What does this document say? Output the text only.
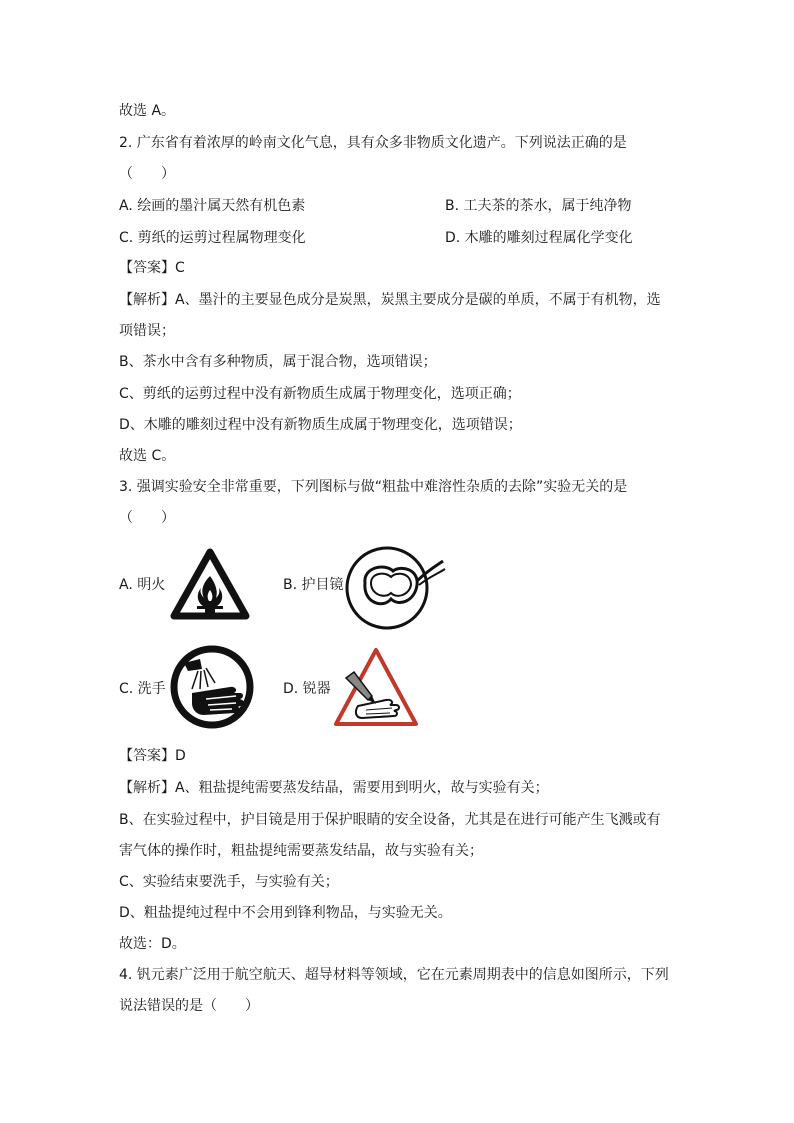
故选 A。
2. 广东省有着浓厚的岭南文化气息，具有众多非物质文化遗产。下列说法正确的是
（　　）
A. 绘画的墨汁属天然有机色素	B. 工夫茶的茶水，属于纯净物
C. 剪纸的运剪过程属物理变化	D. 木雕的雕刻过程属化学变化
【答案】C
【解析】A、墨汁的主要显色成分是炭黑，炭黑主要成分是碳的单质，不属于有机物，选
项错误；
B、茶水中含有多种物质，属于混合物，选项错误；
C、剪纸的运剪过程中没有新物质生成属于物理变化，选项正确；
D、木雕的雕刻过程中没有新物质生成属于物理变化，选项错误；
故选 C。
3. 强调实验安全非常重要，下列图标与做“粗盐中难溶性杂质的去除”实验无关的是
（　　）
A. 明火	B. 护目镜
C. 洗手	D. 锐器
【答案】D
【解析】A、粗盐提纯需要蒸发结晶，需要用到明火，故与实验有关；
B、在实验过程中，护目镜是用于保护眼睛的安全设备，尤其是在进行可能产生飞溅或有
害气体的操作时，粗盐提纯需要蒸发结晶，故与实验有关；
C、实验结束要洗手，与实验有关；
D、粗盐提纯过程中不会用到锋利物品，与实验无关。
故选：D。
4. 钒元素广泛用于航空航天、超导材料等领域，它在元素周期表中的信息如图所示，下列
说法错误的是（　　）
